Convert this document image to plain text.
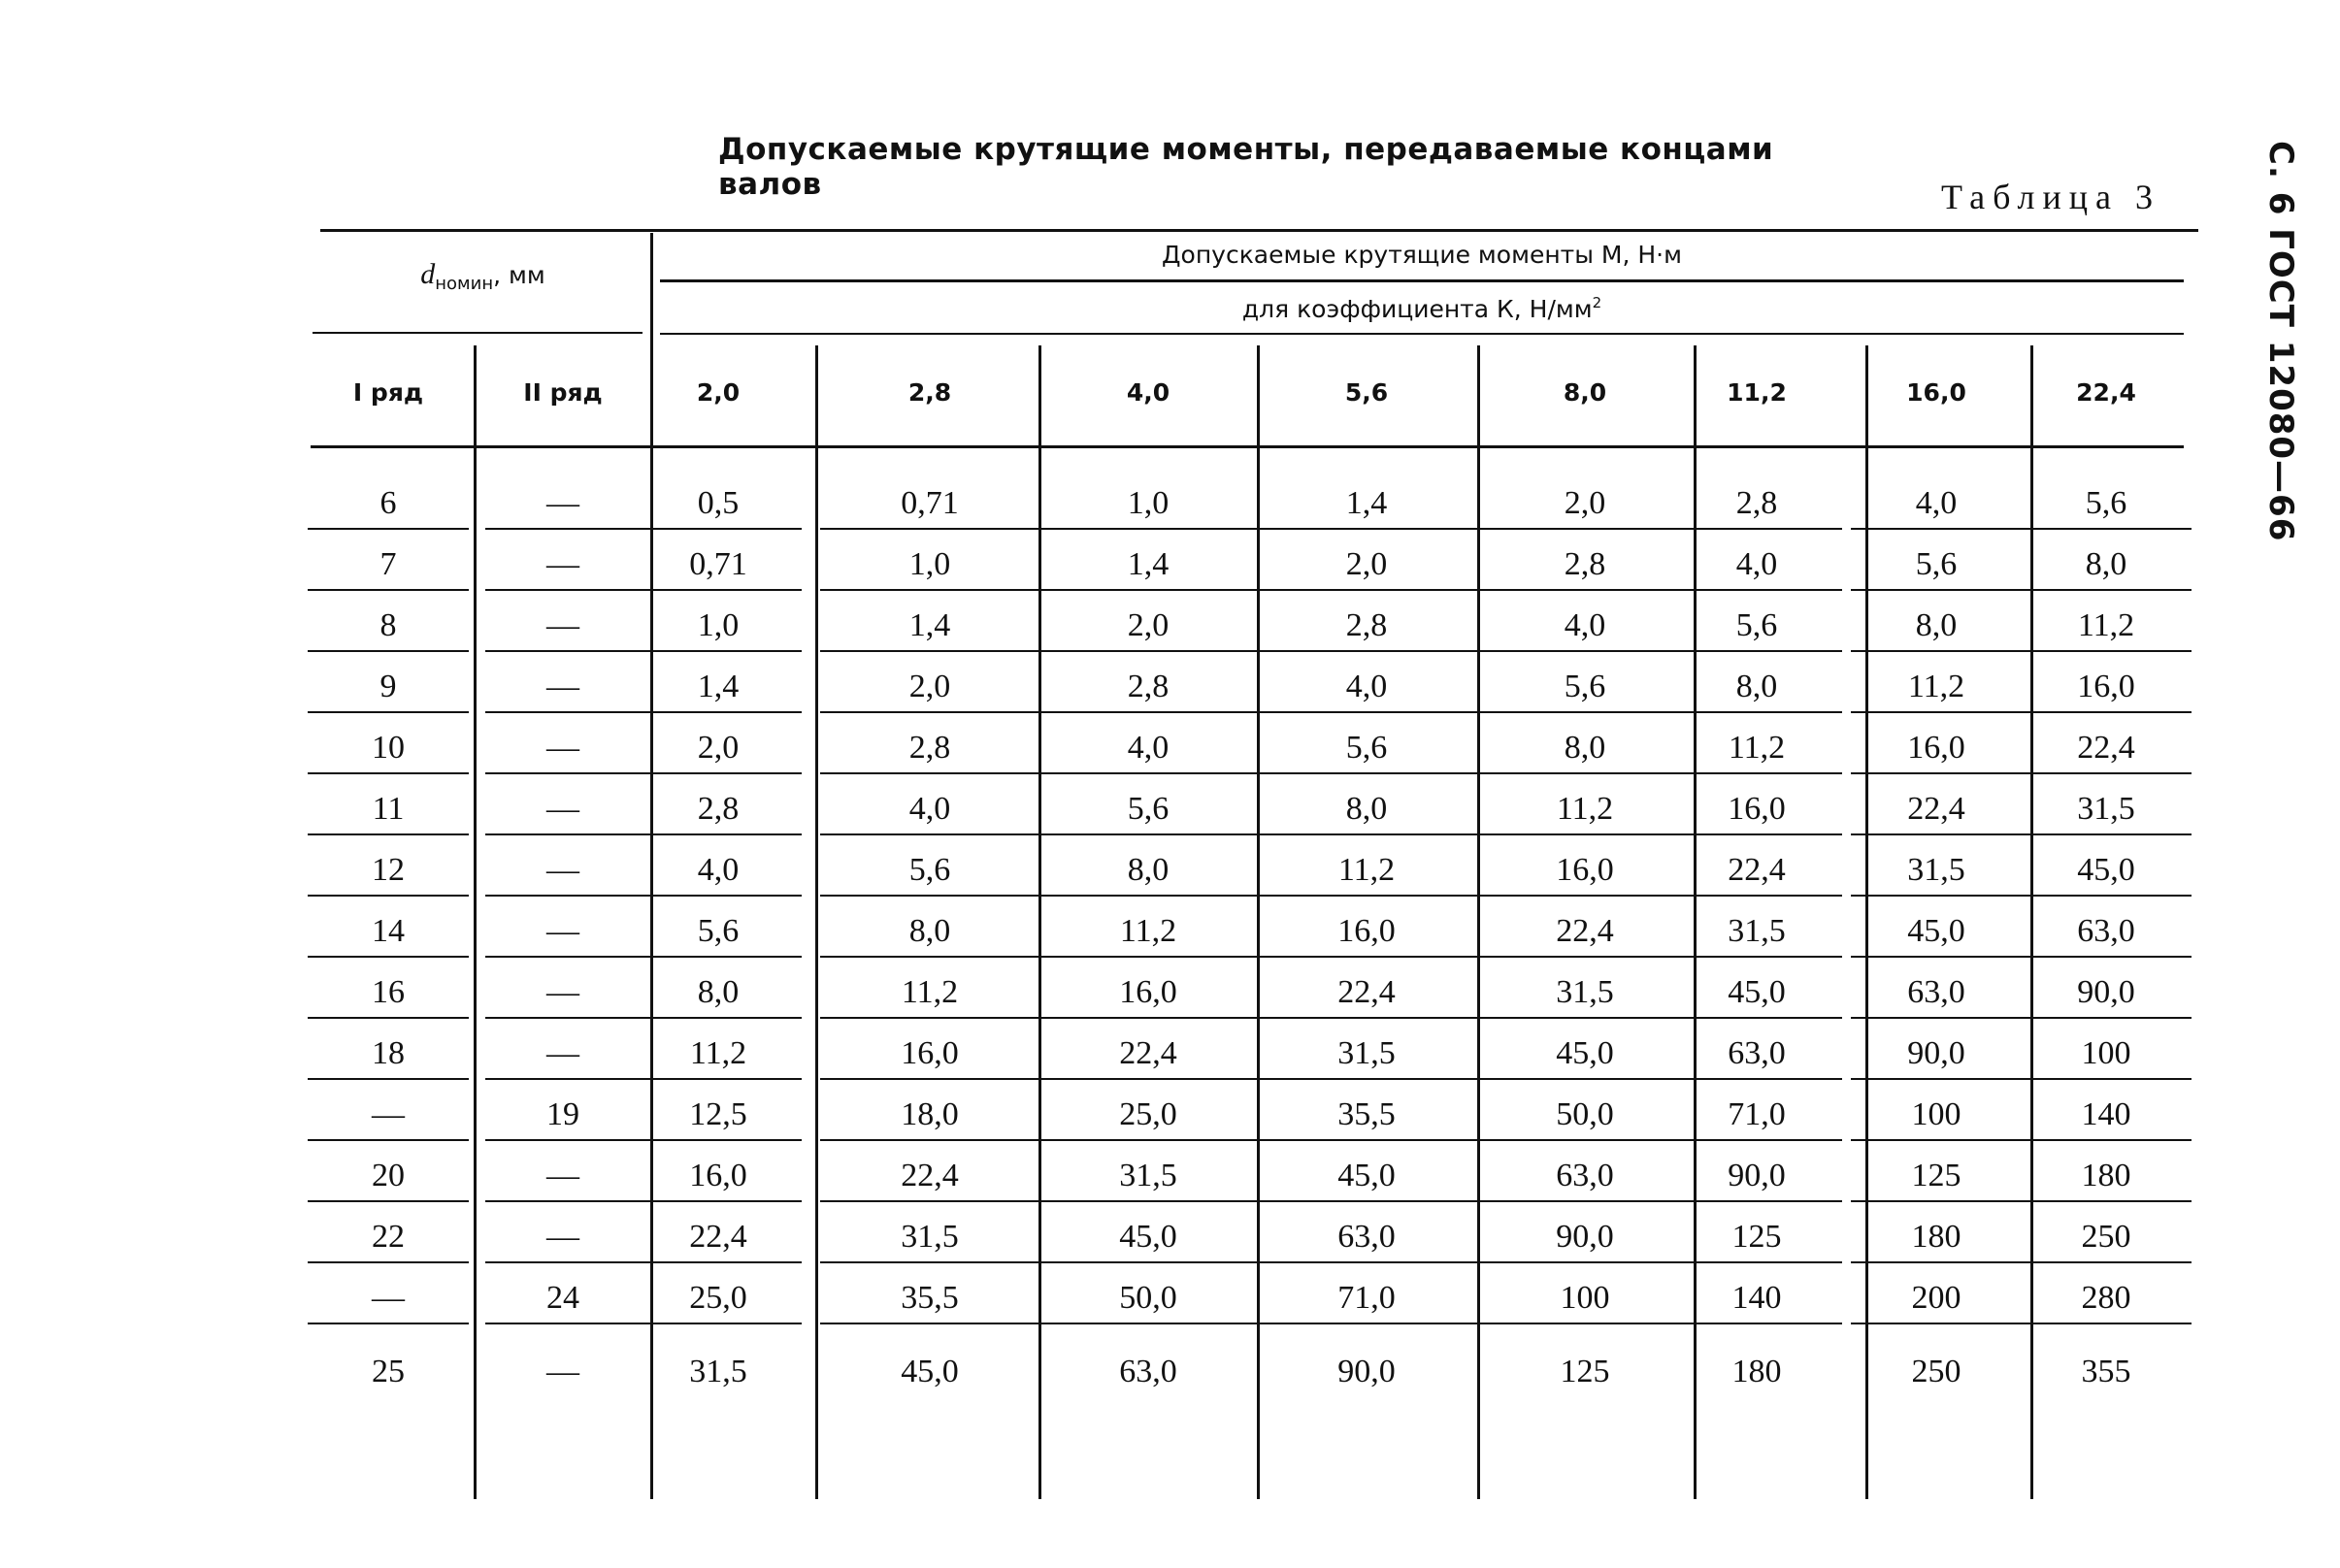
Допускаемые крутящие моменты, передаваемые концами валов	Таблица 3	С. 6 ГОСТ 12080—66
$d_{номин}$, мм
Допускаемые крутящие моменты М, Н·м
для коэффициента К, $Н/мм^2$
I ряд	II ряд	2,0	2,8	4,0	5,6	8,0	11,2	16,0	22,4
6	—	0,5	0,71	1,0	1,4	2,0	2,8	4,0	5,6
7	—	0,71	1,0	1,4	2,0	2,8	4,0	5,6	8,0
8	—	1,0	1,4	2,0	2,8	4,0	5,6	8,0	11,2
9	—	1,4	2,0	2,8	4,0	5,6	8,0	11,2	16,0
10	—	2,0	2,8	4,0	5,6	8,0	11,2	16,0	22,4
11	—	2,8	4,0	5,6	8,0	11,2	16,0	22,4	31,5
12	—	4,0	5,6	8,0	11,2	16,0	22,4	31,5	45,0
14	—	5,6	8,0	11,2	16,0	22,4	31,5	45,0	63,0
16	—	8,0	11,2	16,0	22,4	31,5	45,0	63,0	90,0
18	—	11,2	16,0	22,4	31,5	45,0	63,0	90,0	100
—	19	12,5	18,0	25,0	35,5	50,0	71,0	100	140
20	—	16,0	22,4	31,5	45,0	63,0	90,0	125	180
22	—	22,4	31,5	45,0	63,0	90,0	125	180	250
—	24	25,0	35,5	50,0	71,0	100	140	200	280
25	—	31,5	45,0	63,0	90,0	125	180	250	355
